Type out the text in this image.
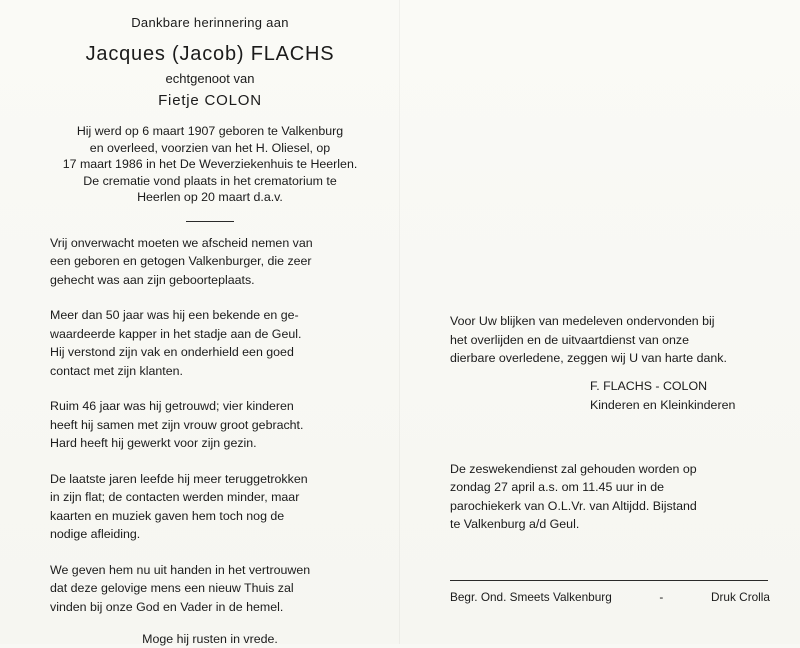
Dankbare herinnering aan
Jacques (Jacob) FLACHS
echtgenoot van
Fietje COLON
Hij werd op 6 maart 1907 geboren te Valkenburg
en overleed, voorzien van het H. Oliesel, op
17 maart 1986 in het De Weverziekenhuis te Heerlen.
De crematie vond plaats in het crematorium te
Heerlen op 20 maart d.a.v.
Vrij onverwacht moeten we afscheid nemen van
een geboren en getogen Valkenburger, die zeer
gehecht was aan zijn geboorteplaats.
Meer dan 50 jaar was hij een bekende en ge-
waardeerde kapper in het stadje aan de Geul.
Hij verstond zijn vak en onderhield een goed
contact met zijn klanten.
Ruim 46 jaar was hij getrouwd; vier kinderen
heeft hij samen met zijn vrouw groot gebracht.
Hard heeft hij gewerkt voor zijn gezin.
De laatste jaren leefde hij meer teruggetrokken
in zijn flat; de contacten werden minder, maar
kaarten en muziek gaven hem toch nog de
nodige afleiding.
We geven hem nu uit handen in het vertrouwen
dat deze gelovige mens een nieuw Thuis zal
vinden bij onze God en Vader in de hemel.
Moge hij rusten in vrede.
Voor Uw blijken van medeleven ondervonden bij
het overlijden en de uitvaartdienst van onze
dierbare overledene, zeggen wij U van harte dank.
F. FLACHS - COLON
Kinderen en Kleinkinderen
De zeswekendienst zal gehouden worden op
zondag 27 april a.s. om 11.45 uur in de
parochiekerk van O.L.Vr. van Altijdd. Bijstand
te Valkenburg a/d Geul.
Begr. Ond. Smeets Valkenburg	-	Druk Crolla
